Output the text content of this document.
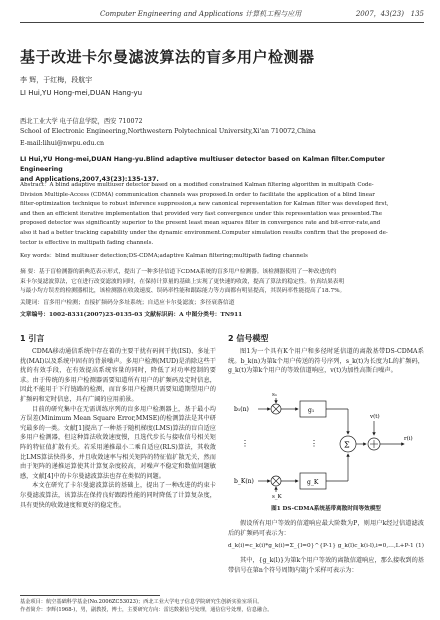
Computer Engineering and Applications 计算机工程与应用	2007，43(23) 135
基于改进卡尔曼滤波算法的盲多用户检测器
李 辉，于红梅，段航宇
LI Hui,YU Hong-mei,DUAN Hang-yu
西北工业大学 电子信息学院，西安 710072
School of Electronic Engineering,Northwestern Polytechnical University,Xi'an 710072,China
E-mail:lihui@nwpu.edu.cn
LI Hui,YU Hong-mei,DUAN Hang-yu.Blind adaptive multiuser detector based on Kalman filter.Computer Engineering
and Applications,2007,43(23):135-137.
Abstract：A blind adaptive multiuser detector based on a modified constrained Kalman filtering algorithm in multipath Code-
Division Multiple-Access (CDMA) communication channels was proposed.In order to facilitate the application of a blind linear
filter-optimization technique to robust inference suppression,a new canonical representation for Kalman filter was developed first,
and then an efficient iterative implementation that provided very fast convergence under this representation was presented.The
proposed detector was significantly superior to the present least mean squares filter in convergence rate and bit-error-rate,and
also it had a better tracking capability under the dynamic environment.Computer simulation results confirm that the proposed de-
tector is effective in multipath fading channels.
Key words：blind multiuser detection;DS-CDMA;adaptive Kalman filtering;multipath fading channels
摘 要：基于盲检测器的新典范表示形式，提出了一种多径信道下CDMA系统的盲多用户检测器。该检测器使用了一种改进的约
束卡尔曼滤波算法，它在进行改变滤波的同时，在保持计算量的基础上实现了更快速的收敛，提高了算法的稳定性。仿真结果表明
与最小均方误差的检测器相比，该检测器在收敛速度、误码率性能和跟踪能力等方面都有明显提高，其误码率性能提高了18.7%。
关键词：盲多用户检测；直接扩频码分多址系统；自适应卡尔曼滤波；多径衰落信道
文章编号：1002-8331(2007)23-0135-03 文献标识码：A 中图分类号：TN911
1 引言

CDMA移动通信系统中存在着的主要干扰有码间干扰(ISI)、多址干扰(MAI)以及系统中固有的背景噪声。多用户检测(MUD)是消除这些干扰的有效手段，在有效提高系统容量的同时，降低了对功率控制的要求。由于传统的多用户检测器需要知道所有用户的扩频码及定时信息，因此不能用于下行链路的检测，而盲多用户检测只需要知道期望用户的扩频码和定时信息，具有广阔的应用前景。

目前的研究集中在无需训练序列的盲多用户检测器上，基于最小均方误差(Minimum Mean Square Error,MMSE)的检测算法是其中研究最多的一类。文献[1]提出了一种基于随机梯度(LMS)算法的盲自适应多用户检测器，但这种算法收敛速度慢，且选代步长与接收信号相关矩阵的特征值扩散有关。若采用递推最小二乘自适应(RLS)算法，其收敛比LMS算法快得多，并且收敛速率与相关矩阵的特征值扩散无关，然而由于矩阵的递推运算使其计算复杂度较高，对噪声不稳定和数值问题敏感，文献[4]中的卡尔曼滤波算法也存在类似的问题。

本文在研究了卡尔曼滤波算法的基础上，提出了一种改进的约束卡尔曼滤波算法，该算法在保持良好跟踪性能的同时降低了计算复杂度，具有更快的收敛速度和更好的稳定性。

2 信号模型

图1为一个具有K个用户和多径时延信道的离散基带DS-CDMA系统。b_k(n)为第k个用户传送的符号序列，s_k(t)为长度为L的扩频码，g_k(t)为第k个用户的等效信道响应，v(t)为加性高斯白噪声。

b₁(n)
s₁
g₁
⋮	⋮
b_K(n)
s_K
g_K
Σ
v(t)
r(i)
图1 DS-CDMA系统基带离散时间等效模型

假设所有用户等效的信道响应最大阶数为P，则用户k经过信道滤波后的扩频码可表示为：

d_k(i)=c_k(i)*g_k(i)=Σ_{l=0}^{P-1} g_k(l)c_k(i-l),i=0,…,L+P-1 (1)

其中，{g_k(l)}为第k个用户等效的离散信道响应，那么接收到的基带信号在第n个符号周期内第j个采样可表示为：

基金项目：航空基础科学基金(No.2006ZC53023)；西北工业大学电子信息学院研究生创新实验室项目。
作者简介：李辉(1968-)，男，副教授，博士，主要研究方向：雷达数据信号处理，通信信号处理，信息融合。
